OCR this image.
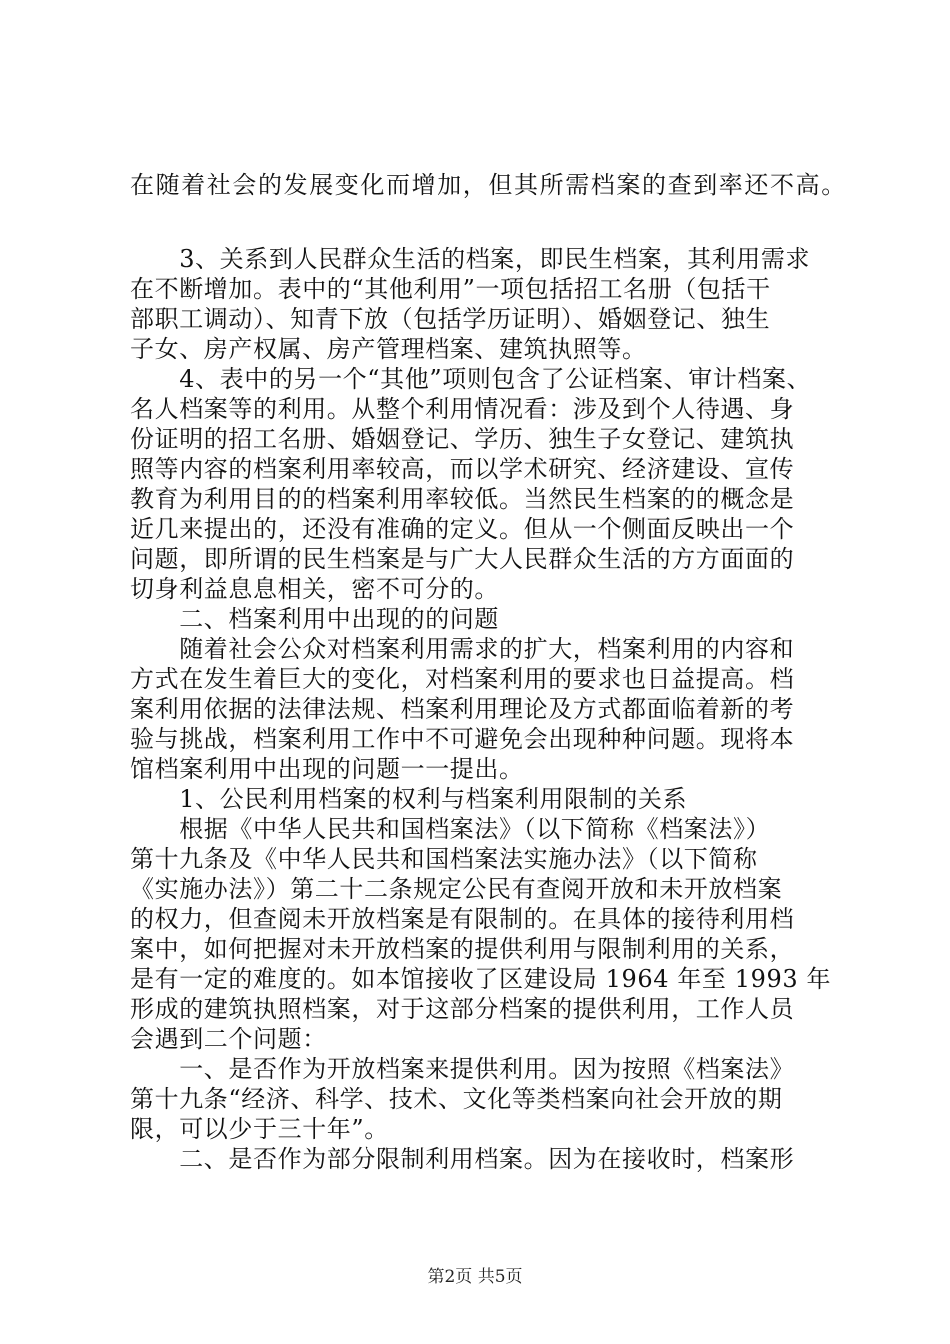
在随着社会的发展变化而增加，但其所需档案的查到率还不高。
　　3、关系到人民群众生活的档案，即民生档案，其利用需求
在不断增加。表中的“其他利用”一项包括招工名册（包括干
部职工调动）、知青下放（包括学历证明）、婚姻登记、独生
子女、房产权属、房产管理档案、建筑执照等。
　　4、表中的另一个“其他”项则包含了公证档案、审计档案、
名人档案等的利用。从整个利用情况看：涉及到个人待遇、身
份证明的招工名册、婚姻登记、学历、独生子女登记、建筑执
照等内容的档案利用率较高，而以学术研究、经济建设、宣传
教育为利用目的的档案利用率较低。当然民生档案的的概念是
近几来提出的，还没有准确的定义。但从一个侧面反映出一个
问题，即所谓的民生档案是与广大人民群众生活的方方面面的
切身利益息息相关，密不可分的。
　　二、档案利用中出现的的问题
　　随着社会公众对档案利用需求的扩大，档案利用的内容和
方式在发生着巨大的变化，对档案利用的要求也日益提高。档
案利用依据的法律法规、档案利用理论及方式都面临着新的考
验与挑战，档案利用工作中不可避免会出现种种问题。现将本
馆档案利用中出现的问题一一提出。
　　1、公民利用档案的权利与档案利用限制的关系
　　根据《中华人民共和国档案法》（以下简称《档案法》）
第十九条及《中华人民共和国档案法实施办法》（以下简称
《实施办法》）第二十二条规定公民有查阅开放和未开放档案
的权力，但查阅未开放档案是有限制的。在具体的接待利用档
案中，如何把握对未开放档案的提供利用与限制利用的关系，
是有一定的难度的。如本馆接收了区建设局 1964 年至 1993 年
形成的建筑执照档案，对于这部分档案的提供利用，工作人员
会遇到二个问题：
　　一、是否作为开放档案来提供利用。因为按照《档案法》
第十九条“经济、科学、技术、文化等类档案向社会开放的期
限，可以少于三十年”。
　　二、是否作为部分限制利用档案。因为在接收时，档案形
第2页 共5页
